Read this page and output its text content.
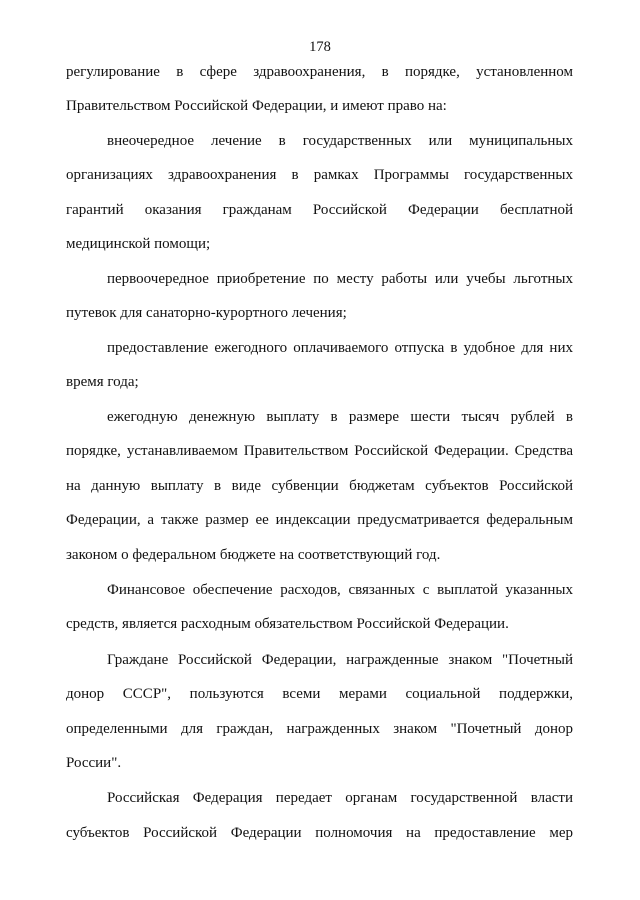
178
регулирование в сфере здравоохранения, в порядке, установленном
Правительством Российской Федерации, и имеют право на:
внеочередное лечение в государственных или муниципальных
организациях здравоохранения в рамках Программы государственных
гарантий оказания гражданам Российской Федерации бесплатной
медицинской помощи;
первоочередное приобретение по месту работы или учебы льготных
путевок для санаторно-курортного лечения;
предоставление ежегодного оплачиваемого отпуска в удобное для них
время года;
ежегодную денежную выплату в размере шести тысяч рублей в
порядке, устанавливаемом Правительством Российской Федерации. Средства
на данную выплату в виде субвенции бюджетам субъектов Российской
Федерации, а также размер ее индексации предусматривается федеральным
законом о федеральном бюджете на соответствующий год.
Финансовое обеспечение расходов, связанных с выплатой указанных
средств, является расходным обязательством Российской Федерации.
Граждане Российской Федерации, награжденные знаком "Почетный
донор СССР", пользуются всеми мерами социальной поддержки,
определенными для граждан, награжденных знаком "Почетный донор
России".
Российская Федерация передает органам государственной власти
субъектов Российской Федерации полномочия на предоставление мер
